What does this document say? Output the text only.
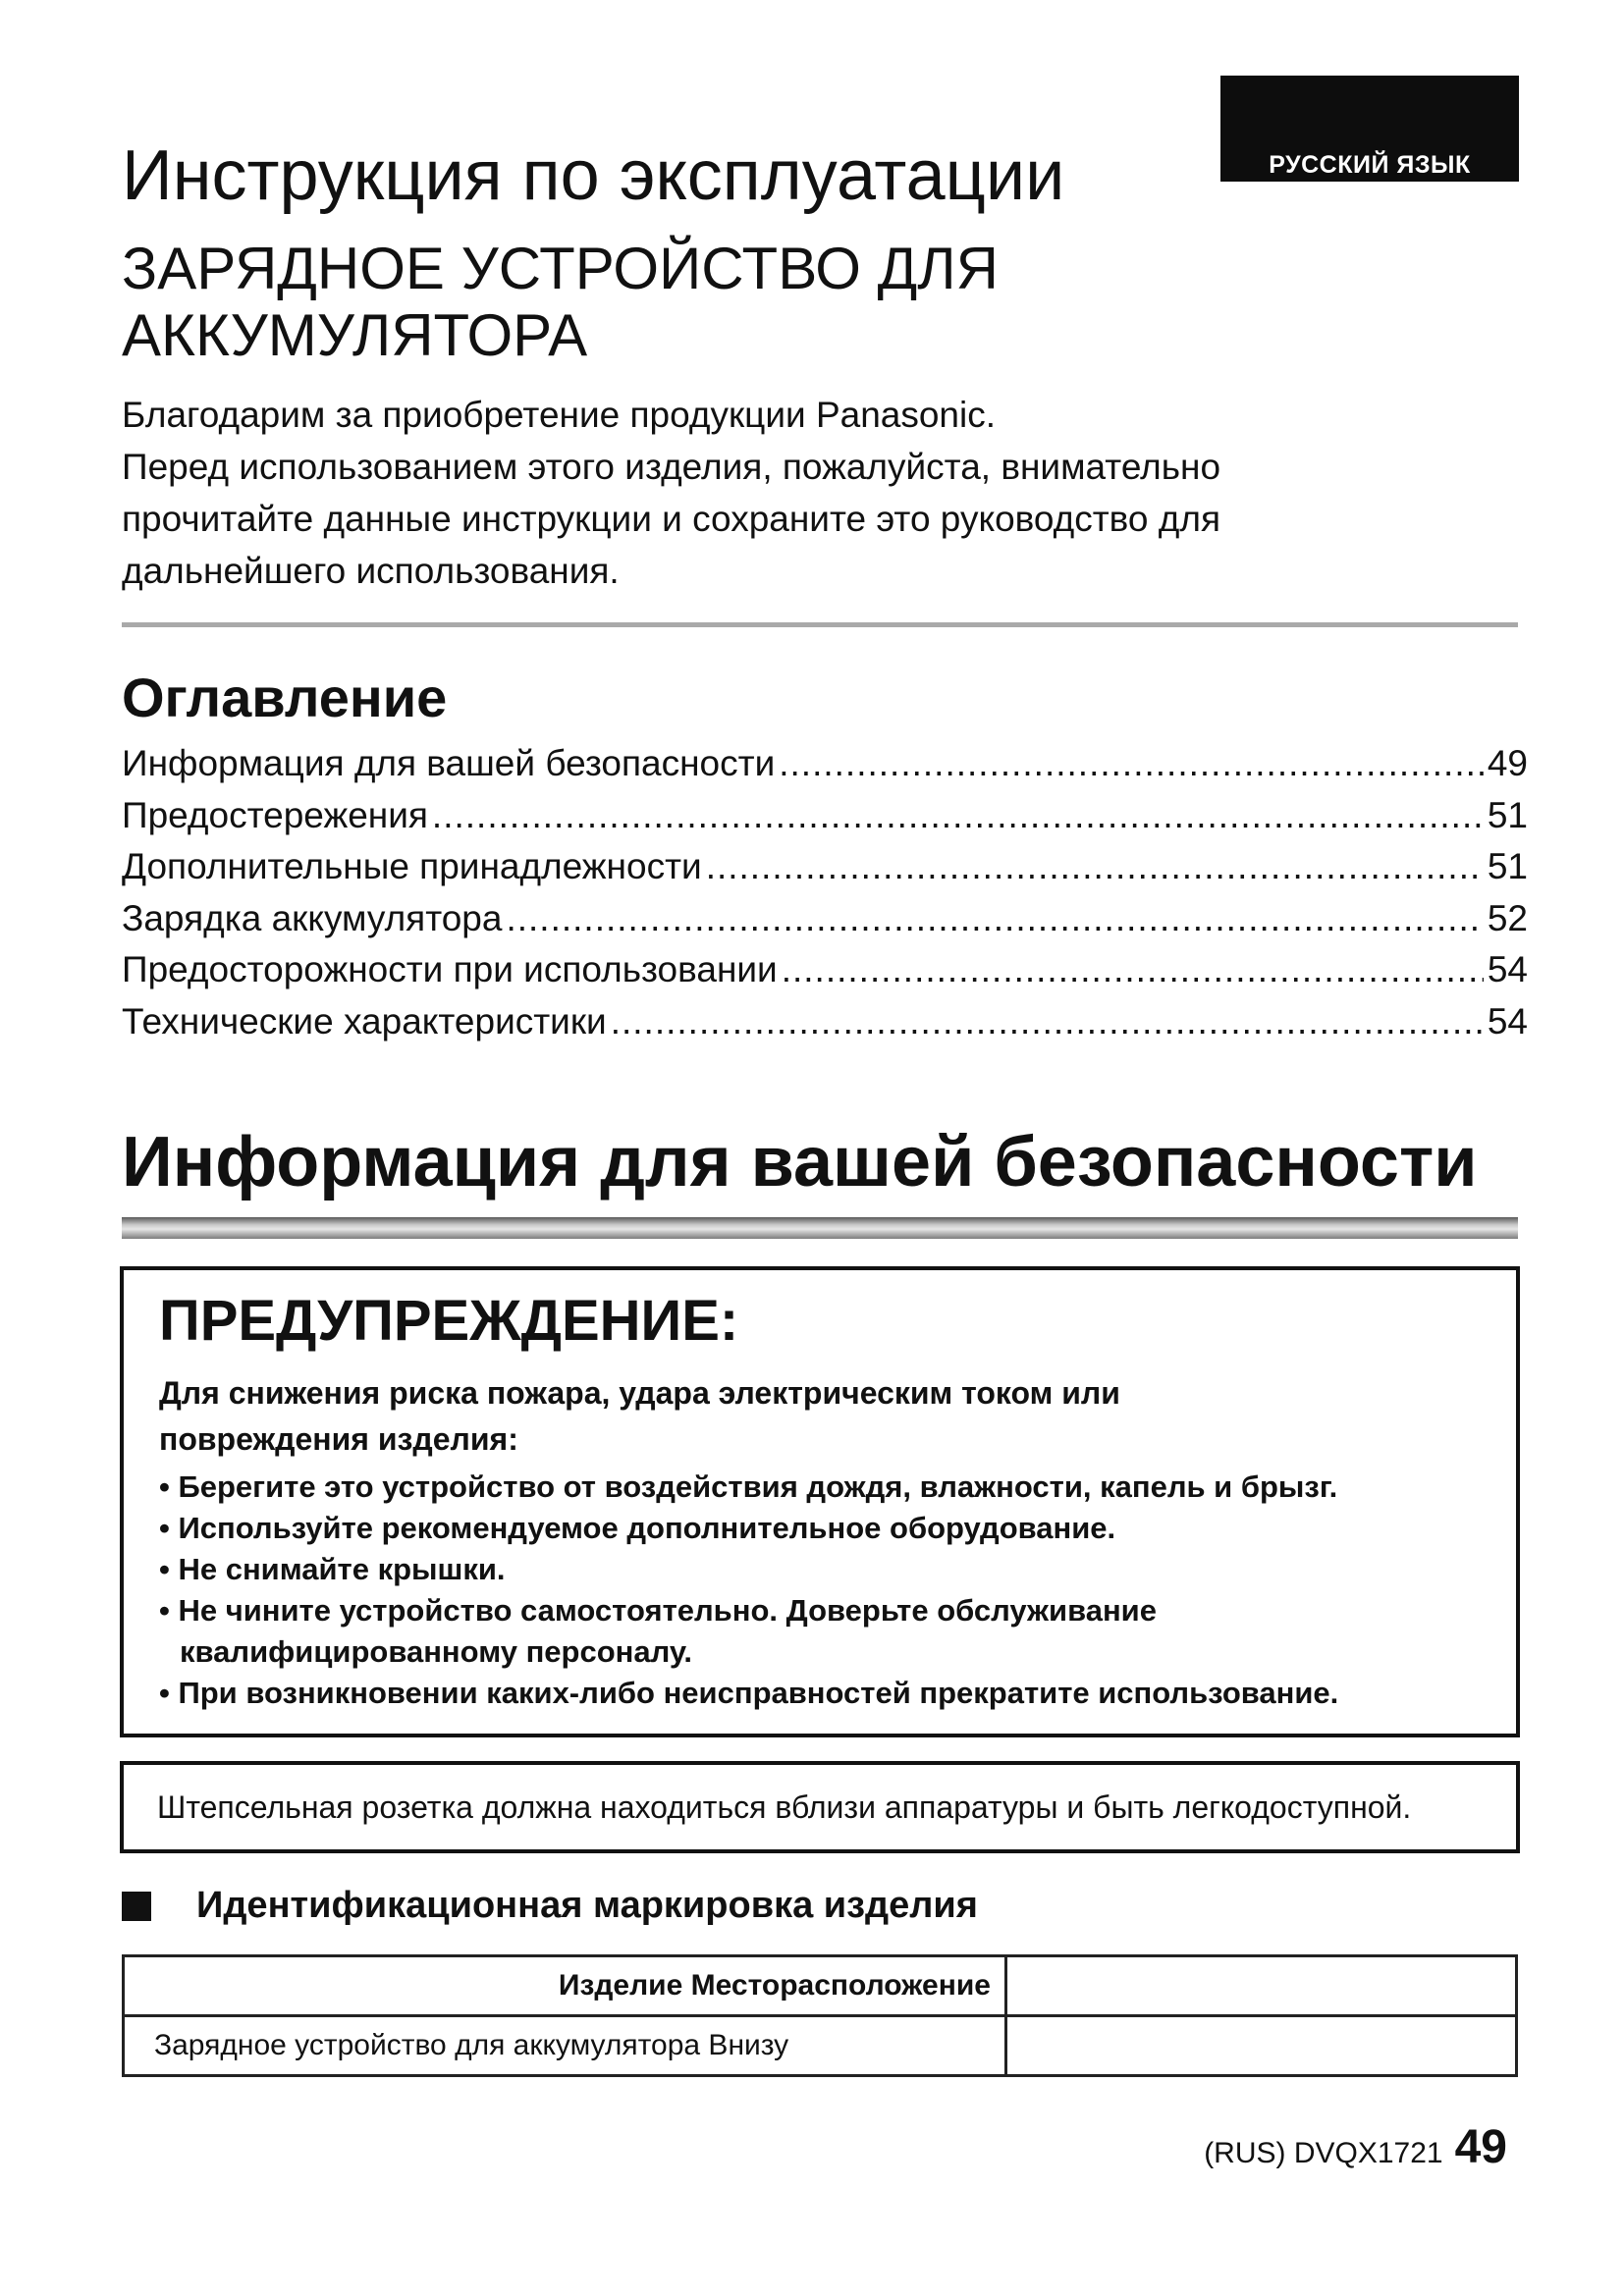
РУССКИЙ ЯЗЫК
Инструкция по эксплуатации
ЗАРЯДНОЕ УСТРОЙСТВО ДЛЯ
АККУМУЛЯТОРА

Благодарим за приобретение продукции Panasonic.
Перед использованием этого изделия, пожалуйста, внимательно
прочитайте данные инструкции и сохраните это руководство для
дальнейшего использования.

Оглавление
Информация для вашей безопасности .....	49
Предостережения .....	51
Дополнительные принадлежности .....	51
Зарядка аккумулятора .....	52
Предосторожности при использовании .....	54
Технические характеристики .....	54
Информация для вашей безопасности
ПРЕДУПРЕЖДЕНИЕ:

Для снижения риска пожара, удара электрическим током или
повреждения изделия:

• Берегите это устройство от воздействия дождя, влажности, капель и брызг.
• Используйте рекомендуемое дополнительное оборудование.
• Не снимайте крышки.
• Не чините устройство самостоятельно. Доверьте обслуживание квалифицированному персоналу.
• При возникновении каких-либо неисправностей прекратите использование.
Штепсельная розетка должна находиться вблизи аппаратуры и быть легкодоступной.
Идентификационная маркировка изделия
Изделие Месторасположение	
Зарядное устройство для аккумулятора Внизу	
(RUS) DVQX1721 49
